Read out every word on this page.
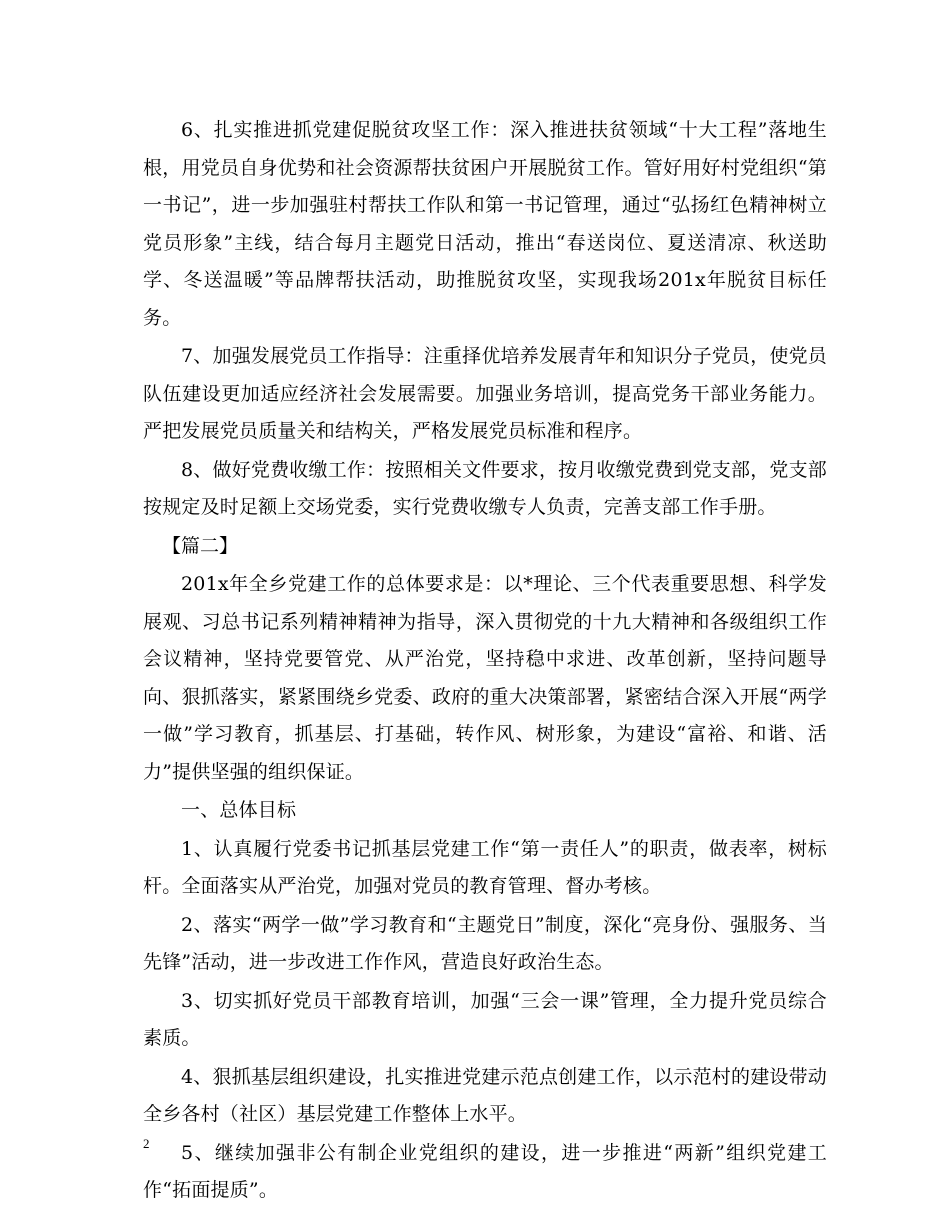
6、扎实推进抓党建促脱贫攻坚工作：深入推进扶贫领域“十大工程”落地生根，用党员自身优势和社会资源帮扶贫困户开展脱贫工作。管好用好村党组织“第一书记”，进一步加强驻村帮扶工作队和第一书记管理，通过“弘扬红色精神树立党员形象”主线，结合每月主题党日活动，推出“春送岗位、夏送清凉、秋送助学、冬送温暖”等品牌帮扶活动，助推脱贫攻坚，实现我场201x年脱贫目标任务。

7、加强发展党员工作指导：注重择优培养发展青年和知识分子党员，使党员队伍建设更加适应经济社会发展需要。加强业务培训，提高党务干部业务能力。严把发展党员质量关和结构关，严格发展党员标准和程序。

8、做好党费收缴工作：按照相关文件要求，按月收缴党费到党支部，党支部按规定及时足额上交场党委，实行党费收缴专人负责，完善支部工作手册。

【篇二】

201x年全乡党建工作的总体要求是：以*理论、三个代表重要思想、科学发展观、习总书记系列精神精神为指导，深入贯彻党的十九大精神和各级组织工作会议精神，坚持党要管党、从严治党，坚持稳中求进、改革创新，坚持问题导向、狠抓落实，紧紧围绕乡党委、政府的重大决策部署，紧密结合深入开展“两学一做”学习教育，抓基层、打基础，转作风、树形象，为建设“富裕、和谐、活力”提供坚强的组织保证。

一、总体目标

1、认真履行党委书记抓基层党建工作“第一责任人”的职责，做表率，树标杆。全面落实从严治党，加强对党员的教育管理、督办考核。

2、落实“两学一做”学习教育和“主题党日”制度，深化“亮身份、强服务、当先锋”活动，进一步改进工作作风，营造良好政治生态。

3、切实抓好党员干部教育培训，加强“三会一课”管理，全力提升党员综合素质。

4、狠抓基层组织建设，扎实推进党建示范点创建工作，以示范村的建设带动全乡各村（社区）基层党建工作整体上水平。

5、继续加强非公有制企业党组织的建设，进一步推进“两新”组织党建工作“拓面提质”。

2
